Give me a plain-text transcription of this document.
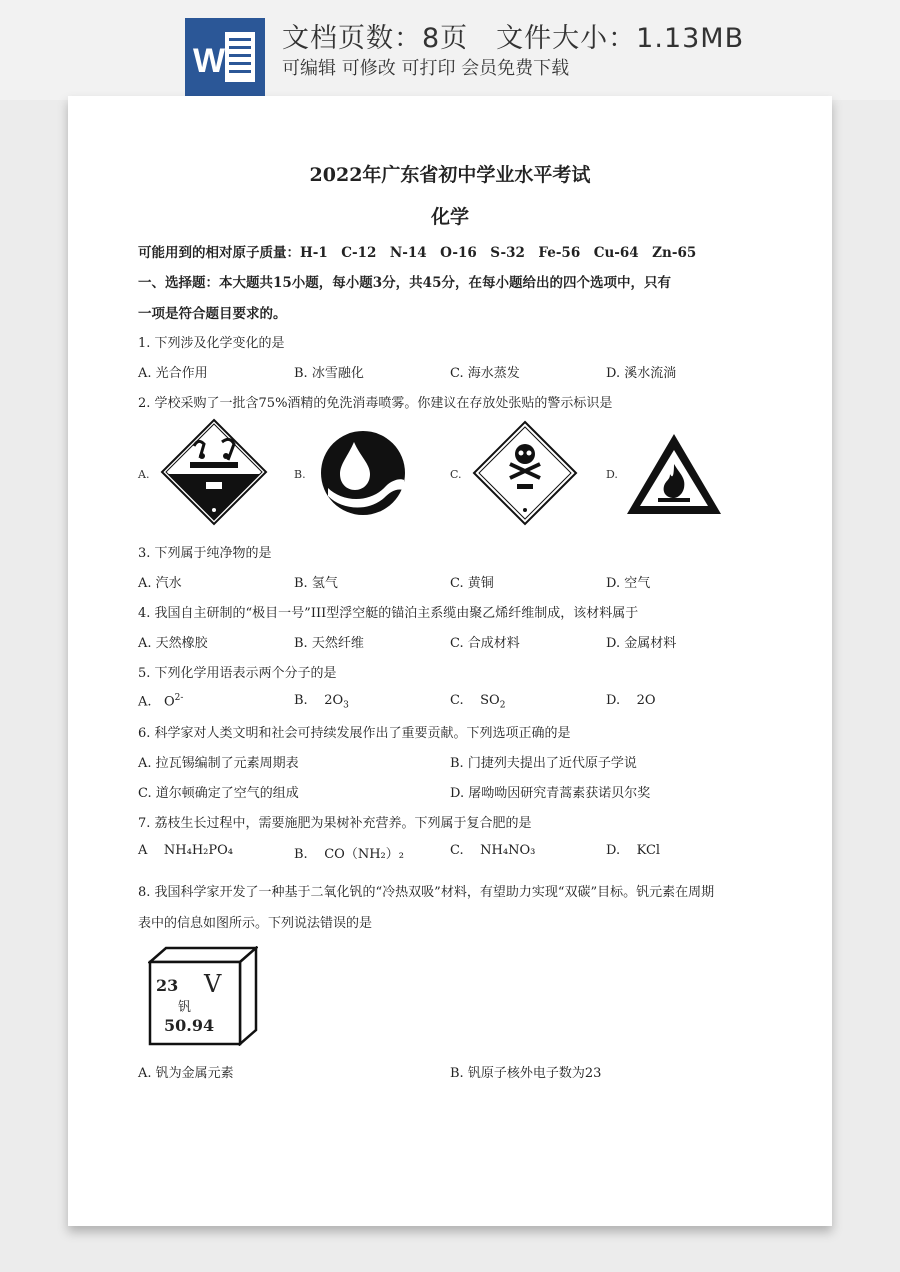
W
文档页数：8页　文件大小：1.13MB
可编辑 可修改 可打印 会员免费下载
2022年广东省初中学业水平考试
化学
可能用到的相对原子质量：H-1　C-12　N-14　O-16　S-32　Fe-56　Cu-64　Zn-65
一、选择题：本大题共15小题，每小题3分，共45分，在每小题给出的四个选项中，只有
一项是符合题目要求的。
1. 下列涉及化学变化的是
A. 光合作用	B. 冰雪融化	C. 海水蒸发	D. 溪水流淌
2. 学校采购了一批含75%酒精的免洗消毒喷雾。你建议在存放处张贴的警示标识是
A.	B.	C.	D.
3. 下列属于纯净物的是
A. 汽水	B. 氢气	C. 黄铜	D. 空气
4. 我国自主研制的“极目一号”III型浮空艇的锚泊主系缆由聚乙烯纤维制成，该材料属于
A. 天然橡胶	B. 天然纤维	C. 合成材料	D. 金属材料
5. 下列化学用语表示两个分子的是
A. $O^{2-}$	B. $2O_3$	C. $SO_2$	D. 2O
6. 科学家对人类文明和社会可持续发展作出了重要贡献。下列选项正确的是
A. 拉瓦锡编制了元素周期表	B. 门捷列夫提出了近代原子学说
C. 道尔顿确定了空气的组成	D. 屠呦呦因研究青蒿素获诺贝尔奖
7. 荔枝生长过程中，需要施肥为果树补充营养。下列属于复合肥的是
A NH₄H₂PO₄	B. CO（NH₂）₂	C. NH₄NO₃	D. KCl
8. 我国科学家开发了一种基于二氧化钒的“冷热双吸”材料，有望助力实现“双碳”目标。钒元素在周期
表中的信息如图所示。下列说法错误的是
23 V
钒
50.94
A. 钒为金属元素	B. 钒原子核外电子数为23
